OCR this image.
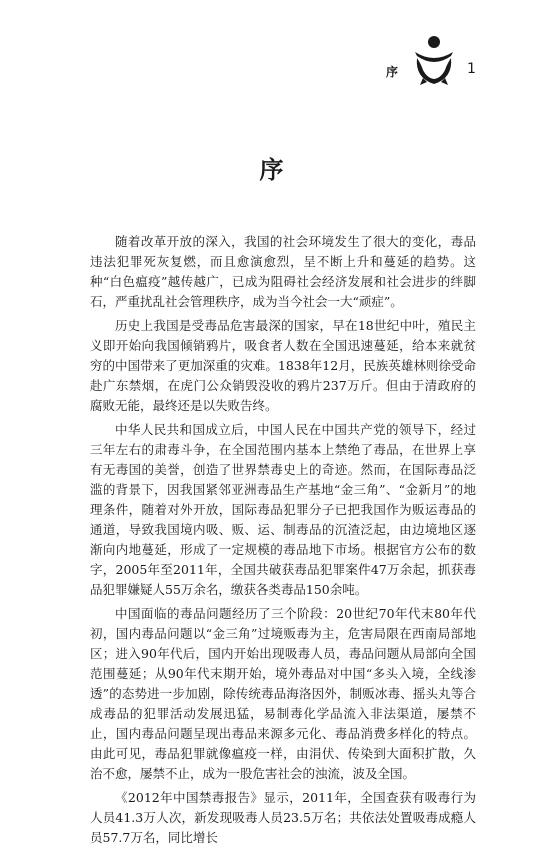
序	1
序

随着改革开放的深入，我国的社会环境发生了很大的变化，毒品违法犯罪死灰复燃，而且愈演愈烈，呈不断上升和蔓延的趋势。这种“白色瘟疫”越传越广，已成为阻碍社会经济发展和社会进步的绊脚石，严重扰乱社会管理秩序，成为当今社会一大“顽症”。

历史上我国是受毒品危害最深的国家，早在18世纪中叶，殖民主义即开始向我国倾销鸦片，吸食者人数在全国迅速蔓延，给本来就贫穷的中国带来了更加深重的灾难。1838年12月，民族英雄林则徐受命赴广东禁烟，在虎门公众销毁没收的鸦片237万斤。但由于清政府的腐败无能，最终还是以失败告终。

中华人民共和国成立后，中国人民在中国共产党的领导下，经过三年左右的肃毒斗争，在全国范围内基本上禁绝了毒品，在世界上享有无毒国的美誉，创造了世界禁毒史上的奇迹。然而，在国际毒品泛滥的背景下，因我国紧邻亚洲毒品生产基地“金三角”、“金新月”的地理条件，随着对外开放，国际毒品犯罪分子已把我国作为贩运毒品的通道，导致我国境内吸、贩、运、制毒品的沉渣泛起，由边境地区逐渐向内地蔓延，形成了一定规模的毒品地下市场。根据官方公布的数字，2005年至2011年，全国共破获毒品犯罪案件47万余起，抓获毒品犯罪嫌疑人55万余名，缴获各类毒品150余吨。

中国面临的毒品问题经历了三个阶段：20世纪70年代末80年代初，国内毒品问题以“金三角”过境贩毒为主，危害局限在西南局部地区；进入90年代后，国内开始出现吸毒人员，毒品问题从局部向全国范围蔓延；从90年代末期开始，境外毒品对中国“多头入境，全线渗透”的态势进一步加剧，除传统毒品海洛因外，制贩冰毒、摇头丸等合成毒品的犯罪活动发展迅猛，易制毒化学品流入非法渠道，屡禁不止，国内毒品问题呈现出毒品来源多元化、毒品消费多样化的特点。由此可见，毒品犯罪就像瘟疫一样，由涓伏、传染到大面积扩散，久治不愈，屡禁不止，成为一股危害社会的浊流，波及全国。

《2012年中国禁毒报告》显示，2011年，全国查获有吸毒行为人员41.3万人次，新发现吸毒人员23.5万名；共依法处置吸毒成瘾人员57.7万名，同比增长
